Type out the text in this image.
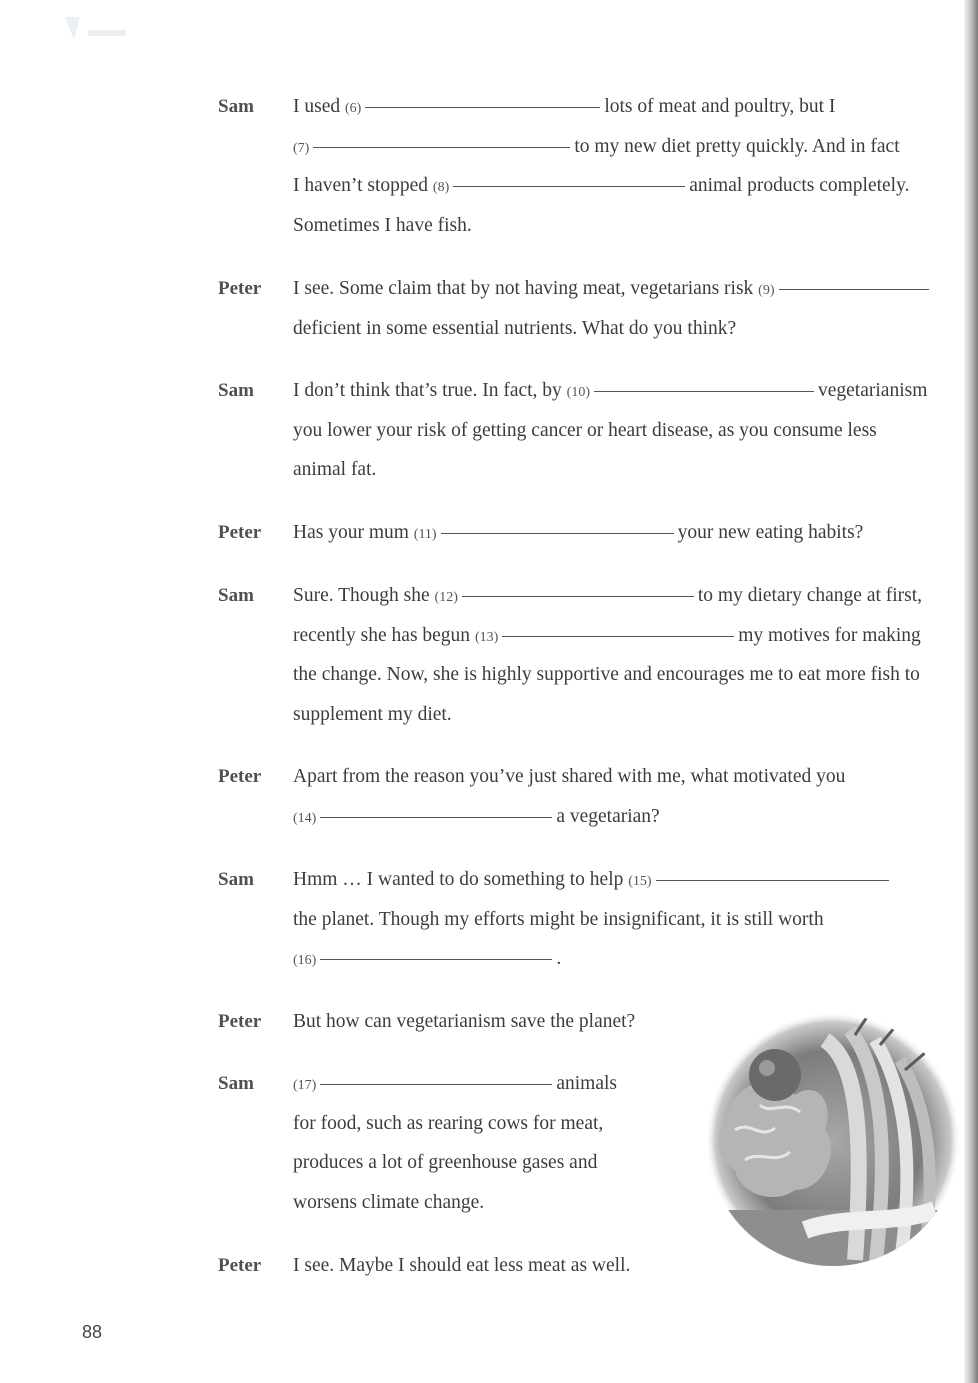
Sam I used (6)	lots of meat and poultry, but I
(7)	to my new diet pretty quickly. And in fact
I haven’t stopped (8)	animal products completely.
Sometimes I have fish.
Peter I see. Some claim that by not having meat, vegetarians risk (9)
deficient in some essential nutrients. What do you think?
Sam I don’t think that’s true. In fact, by (10)	vegetarianism
you lower your risk of getting cancer or heart disease, as you consume less
animal fat.
Peter Has your mum (11)	your new eating habits?
Sam Sure. Though she (12)	to my dietary change at first,
recently she has begun (13)	my motives for making
the change. Now, she is highly supportive and encourages me to eat more fish to
supplement my diet.
Peter Apart from the reason you’ve just shared with me, what motivated you
(14)	a vegetarian?
Sam Hmm … I wanted to do something to help (15)
the planet. Though my efforts might be insignificant, it is still worth
(16)	.
Peter But how can vegetarianism save the planet?
Sam	(17)	animals
for food, such as rearing cows for meat,
produces a lot of greenhouse gases and
worsens climate change.
Peter I see. Maybe I should eat less meat as well.
88
